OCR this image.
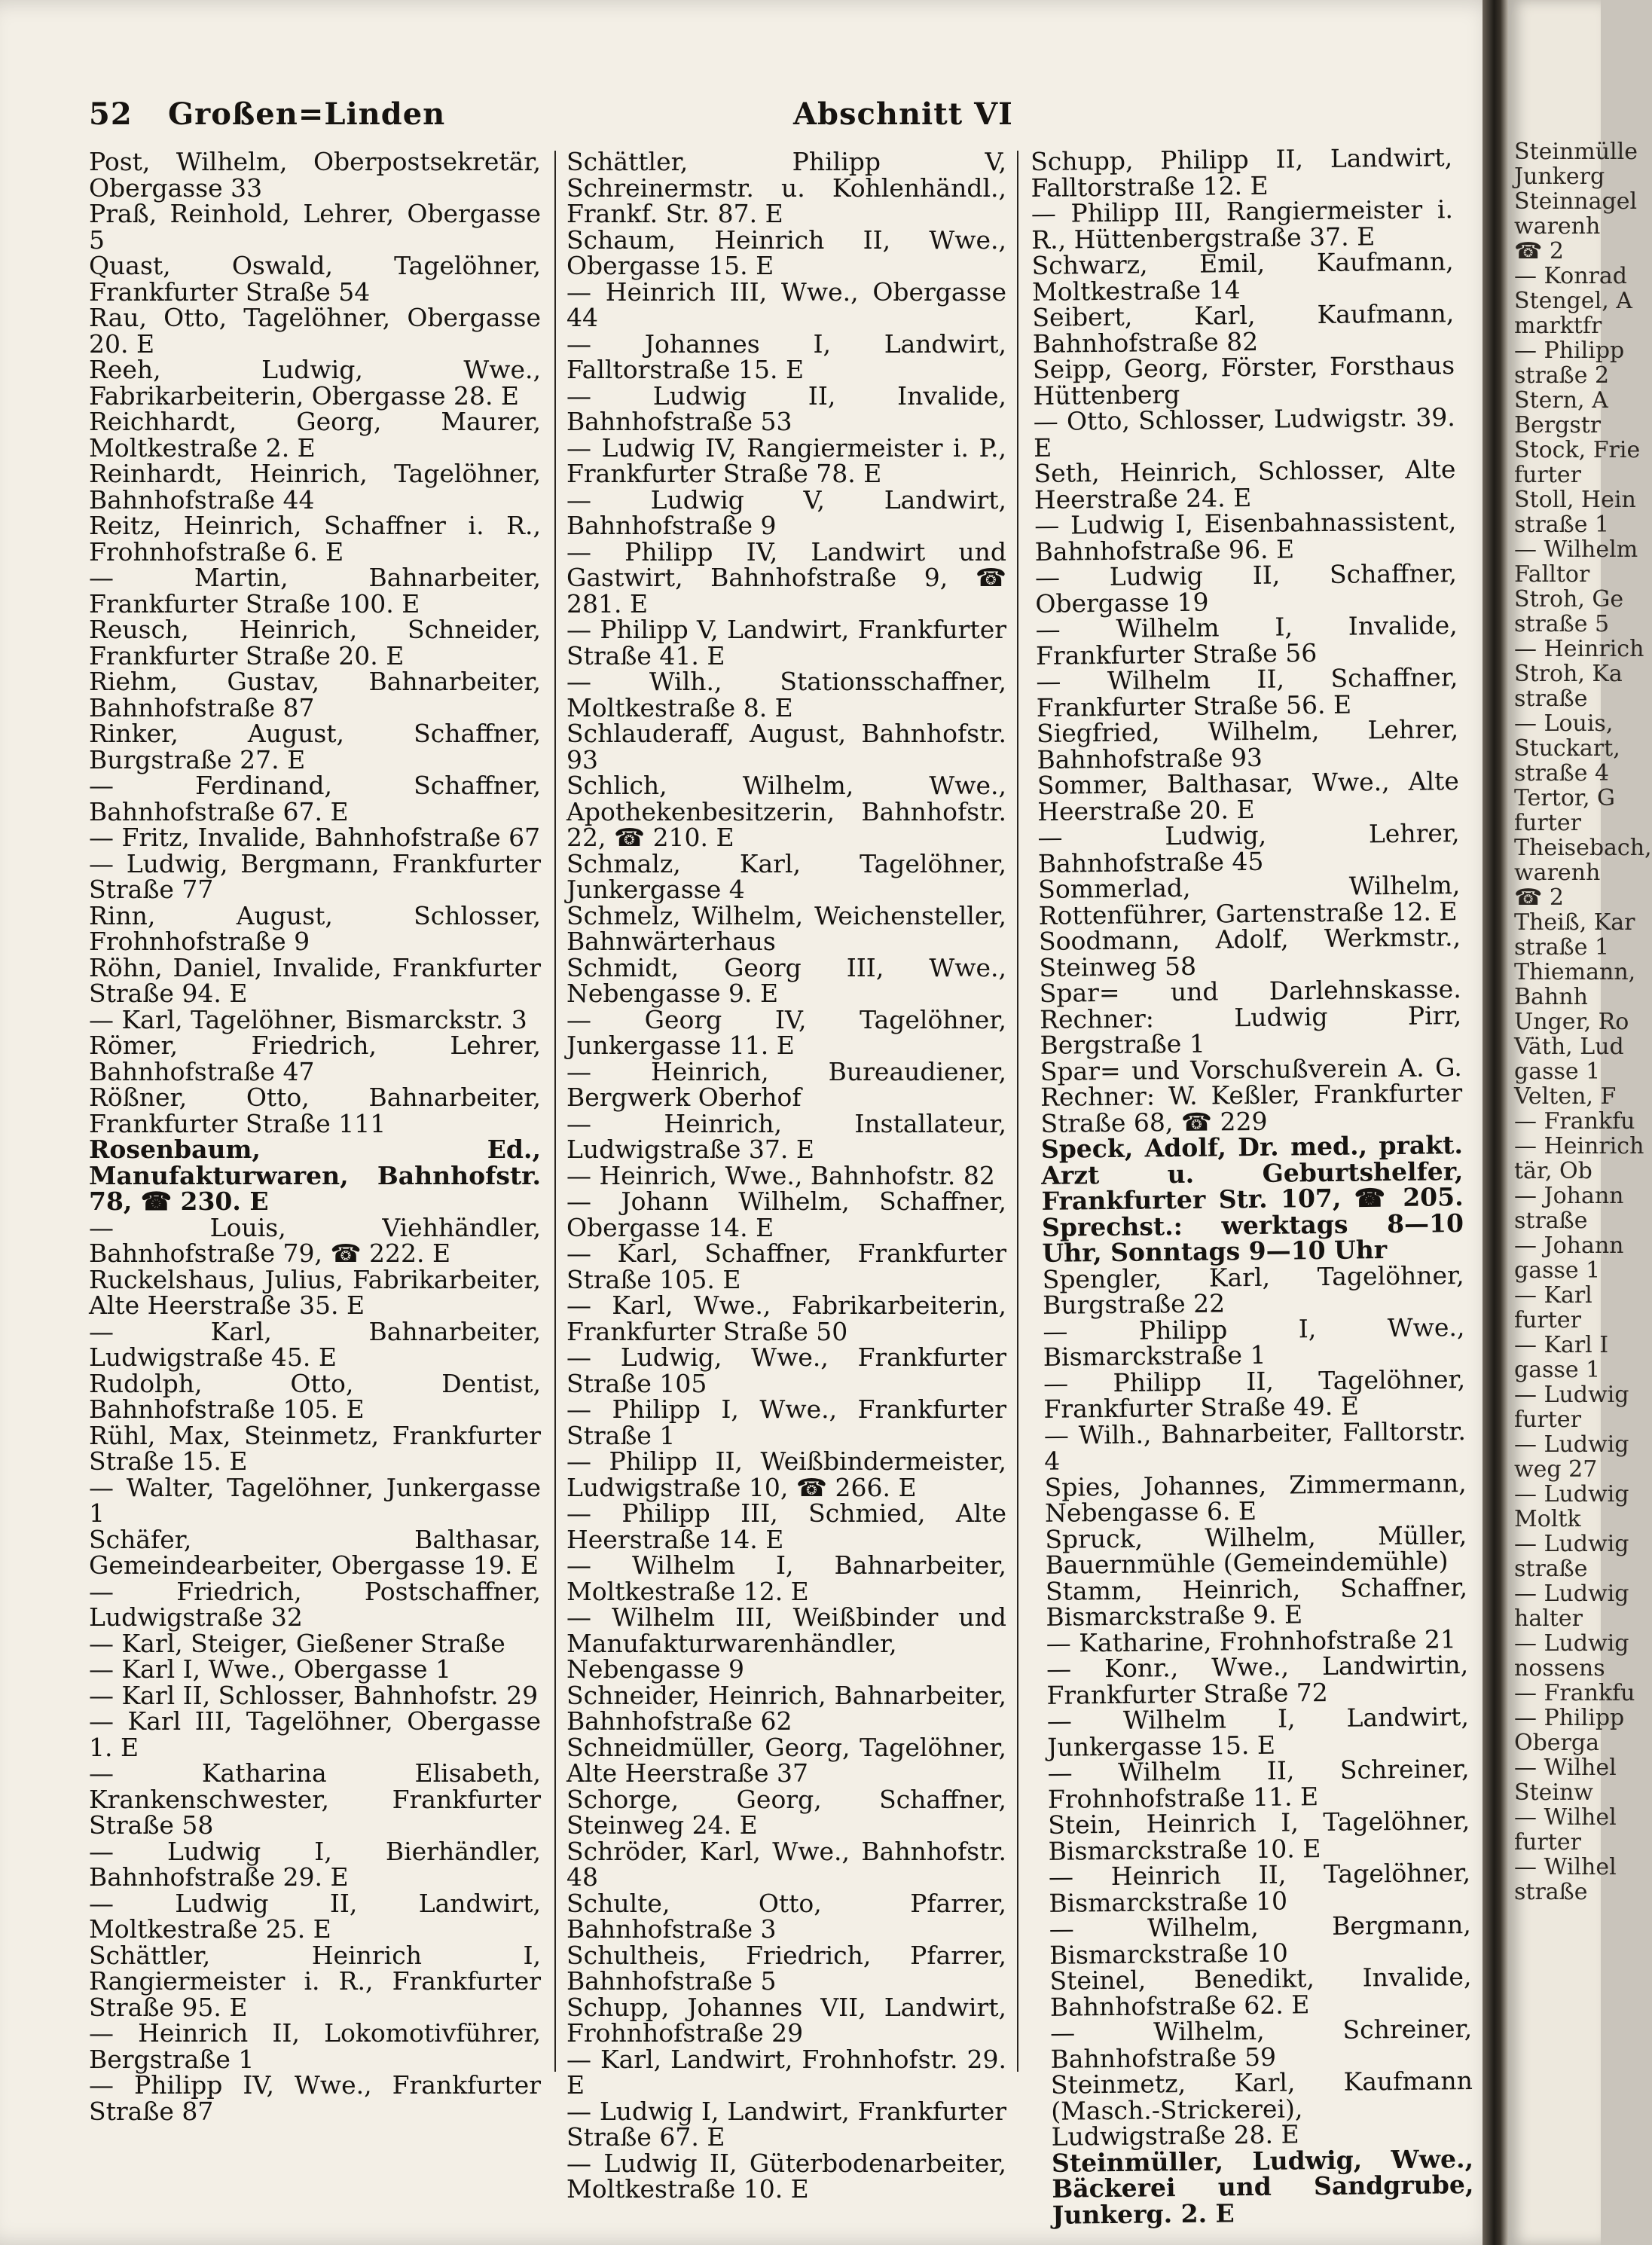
52 Großen=Linden	Abschnitt VI
Post, Wilhelm, Oberpostsekretär, Obergasse 33
Praß, Reinhold, Lehrer, Obergasse 5
Quast, Oswald, Tagelöhner, Frankfurter Straße 54
Rau, Otto, Tagelöhner, Obergasse 20. E
Reeh, Ludwig, Wwe., Fabrikarbeiterin, Obergasse 28. E
Reichhardt, Georg, Maurer, Moltkestraße 2. E
Reinhardt, Heinrich, Tagelöhner, Bahnhofstraße 44
Reitz, Heinrich, Schaffner i. R., Frohnhofstraße 6. E
— Martin, Bahnarbeiter, Frankfurter Straße 100. E
Reusch, Heinrich, Schneider, Frankfurter Straße 20. E
Riehm, Gustav, Bahnarbeiter, Bahnhofstraße 87
Rinker, August, Schaffner, Burgstraße 27. E
— Ferdinand, Schaffner, Bahnhofstraße 67. E
— Fritz, Invalide, Bahnhofstraße 67
— Ludwig, Bergmann, Frankfurter Straße 77
Rinn, August, Schlosser, Frohnhofstraße 9
Röhn, Daniel, Invalide, Frankfurter Straße 94. E
— Karl, Tagelöhner, Bismarckstr. 3
Römer, Friedrich, Lehrer, Bahnhofstraße 47
Rößner, Otto, Bahnarbeiter, Frankfurter Straße 111
Rosenbaum, Ed., Manufakturwaren, Bahnhofstr. 78, ☎ 230. E
— Louis, Viehhändler, Bahnhofstraße 79, ☎ 222. E
Ruckelshaus, Julius, Fabrikarbeiter, Alte Heerstraße 35. E
— Karl, Bahnarbeiter, Ludwigstraße 45. E
Rudolph, Otto, Dentist, Bahnhofstraße 105. E
Rühl, Max, Steinmetz, Frankfurter Straße 15. E
— Walter, Tagelöhner, Junkergasse 1
Schäfer, Balthasar, Gemeindearbeiter, Obergasse 19. E
— Friedrich, Postschaffner, Ludwigstraße 32
— Karl, Steiger, Gießener Straße
— Karl I, Wwe., Obergasse 1
— Karl II, Schlosser, Bahnhofstr. 29
— Karl III, Tagelöhner, Obergasse 1. E
— Katharina Elisabeth, Krankenschwester, Frankfurter Straße 58
— Ludwig I, Bierhändler, Bahnhofstraße 29. E
— Ludwig II, Landwirt, Moltkestraße 25. E
Schättler, Heinrich I, Rangiermeister i. R., Frankfurter Straße 95. E
— Heinrich II, Lokomotivführer, Bergstraße 1
— Philipp IV, Wwe., Frankfurter Straße 87
Schättler, Philipp V, Schreinermstr. u. Kohlenhändl., Frankf. Str. 87. E
Schaum, Heinrich II, Wwe., Obergasse 15. E
— Heinrich III, Wwe., Obergasse 44
— Johannes I, Landwirt, Falltorstraße 15. E
— Ludwig II, Invalide, Bahnhofstraße 53
— Ludwig IV, Rangiermeister i. P., Frankfurter Straße 78. E
— Ludwig V, Landwirt, Bahnhofstraße 9
— Philipp IV, Landwirt und Gastwirt, Bahnhofstraße 9, ☎ 281. E
— Philipp V, Landwirt, Frankfurter Straße 41. E
— Wilh., Stationsschaffner, Moltkestraße 8. E
Schlauderaff, August, Bahnhofstr. 93
Schlich, Wilhelm, Wwe., Apothekenbesitzerin, Bahnhofstr. 22, ☎ 210. E
Schmalz, Karl, Tagelöhner, Junkergasse 4
Schmelz, Wilhelm, Weichensteller, Bahnwärterhaus
Schmidt, Georg III, Wwe., Nebengasse 9. E
— Georg IV, Tagelöhner, Junkergasse 11. E
— Heinrich, Bureaudiener, Bergwerk Oberhof
— Heinrich, Installateur, Ludwigstraße 37. E
— Heinrich, Wwe., Bahnhofstr. 82
— Johann Wilhelm, Schaffner, Obergasse 14. E
— Karl, Schaffner, Frankfurter Straße 105. E
— Karl, Wwe., Fabrikarbeiterin, Frankfurter Straße 50
— Ludwig, Wwe., Frankfurter Straße 105
— Philipp I, Wwe., Frankfurter Straße 1
— Philipp II, Weißbindermeister, Ludwigstraße 10, ☎ 266. E
— Philipp III, Schmied, Alte Heerstraße 14. E
— Wilhelm I, Bahnarbeiter, Moltkestraße 12. E
— Wilhelm III, Weißbinder und Manufakturwarenhändler, Nebengasse 9
Schneider, Heinrich, Bahnarbeiter, Bahnhofstraße 62
Schneidmüller, Georg, Tagelöhner, Alte Heerstraße 37
Schorge, Georg, Schaffner, Steinweg 24. E
Schröder, Karl, Wwe., Bahnhofstr. 48
Schulte, Otto, Pfarrer, Bahnhofstraße 3
Schultheis, Friedrich, Pfarrer, Bahnhofstraße 5
Schupp, Johannes VII, Landwirt, Frohnhofstraße 29
— Karl, Landwirt, Frohnhofstr. 29. E
— Ludwig I, Landwirt, Frankfurter Straße 67. E
— Ludwig II, Güterbodenarbeiter, Moltkestraße 10. E
Schupp, Philipp II, Landwirt, Falltorstraße 12. E
— Philipp III, Rangiermeister i. R., Hüttenbergstraße 37. E
Schwarz, Emil, Kaufmann, Moltkestraße 14
Seibert, Karl, Kaufmann, Bahnhofstraße 82
Seipp, Georg, Förster, Forsthaus Hüttenberg
— Otto, Schlosser, Ludwigstr. 39. E
Seth, Heinrich, Schlosser, Alte Heerstraße 24. E
— Ludwig I, Eisenbahnassistent, Bahnhofstraße 96. E
— Ludwig II, Schaffner, Obergasse 19
— Wilhelm I, Invalide, Frankfurter Straße 56
— Wilhelm II, Schaffner, Frankfurter Straße 56. E
Siegfried, Wilhelm, Lehrer, Bahnhofstraße 93
Sommer, Balthasar, Wwe., Alte Heerstraße 20. E
— Ludwig, Lehrer, Bahnhofstraße 45
Sommerlad, Wilhelm, Rottenführer, Gartenstraße 12. E
Soodmann, Adolf, Werkmstr., Steinweg 58
Spar= und Darlehnskasse. Rechner: Ludwig Pirr, Bergstraße 1
Spar= und Vorschußverein A. G. Rechner: W. Keßler, Frankfurter Straße 68, ☎ 229
Speck, Adolf, Dr. med., prakt. Arzt u. Geburtshelfer, Frankfurter Str. 107, ☎ 205. Sprechst.: werktags 8—10 Uhr, Sonntags 9—10 Uhr
Spengler, Karl, Tagelöhner, Burgstraße 22
— Philipp I, Wwe., Bismarckstraße 1
— Philipp II, Tagelöhner, Frankfurter Straße 49. E
— Wilh., Bahnarbeiter, Falltorstr. 4
Spies, Johannes, Zimmermann, Nebengasse 6. E
Spruck, Wilhelm, Müller, Bauernmühle (Gemeindemühle)
Stamm, Heinrich, Schaffner, Bismarckstraße 9. E
— Katharine, Frohnhofstraße 21
— Konr., Wwe., Landwirtin, Frankfurter Straße 72
— Wilhelm I, Landwirt, Junkergasse 15. E
— Wilhelm II, Schreiner, Frohnhofstraße 11. E
Stein, Heinrich I, Tagelöhner, Bismarckstraße 10. E
— Heinrich II, Tagelöhner, Bismarckstraße 10
— Wilhelm, Bergmann, Bismarckstraße 10
Steinel, Benedikt, Invalide, Bahnhofstraße 62. E
— Wilhelm, Schreiner, Bahnhofstraße 59
Steinmetz, Karl, Kaufmann (Masch.-Strickerei), Ludwigstraße 28. E
Steinmüller, Ludwig, Wwe., Bäckerei und Sandgrube, Junkerg. 2. E
Steinmülle
Junkerg
Steinnagel
warenh
☎ 2
— Konrad
Stengel, A
marktfr
— Philipp
straße 2
Stern, A
Bergstr
Stock, Frie
furter
Stoll, Hein
straße 1
— Wilhelm
Falltor
Stroh, Ge
straße 5
— Heinrich
Stroh, Ka
straße
— Louis,
Stuckart,
straße 4
Tertor, G
furter
Theisebach,
warenh
☎ 2
Theiß, Kar
straße 1
Thiemann,
Bahnh
Unger, Ro
Väth, Lud
gasse 1
Velten, F
— Frankfu
— Heinrich
tär, Ob
— Johann
straße
— Johann
gasse 1
— Karl
furter
— Karl I
gasse 1
— Ludwig
furter
— Ludwig
weg 27
— Ludwig
Moltk
— Ludwig
straße
— Ludwig
halter
— Ludwig
nossens
— Frankfu
— Philipp
Oberga
— Wilhel
Steinw
— Wilhel
furter
— Wilhel
straße
